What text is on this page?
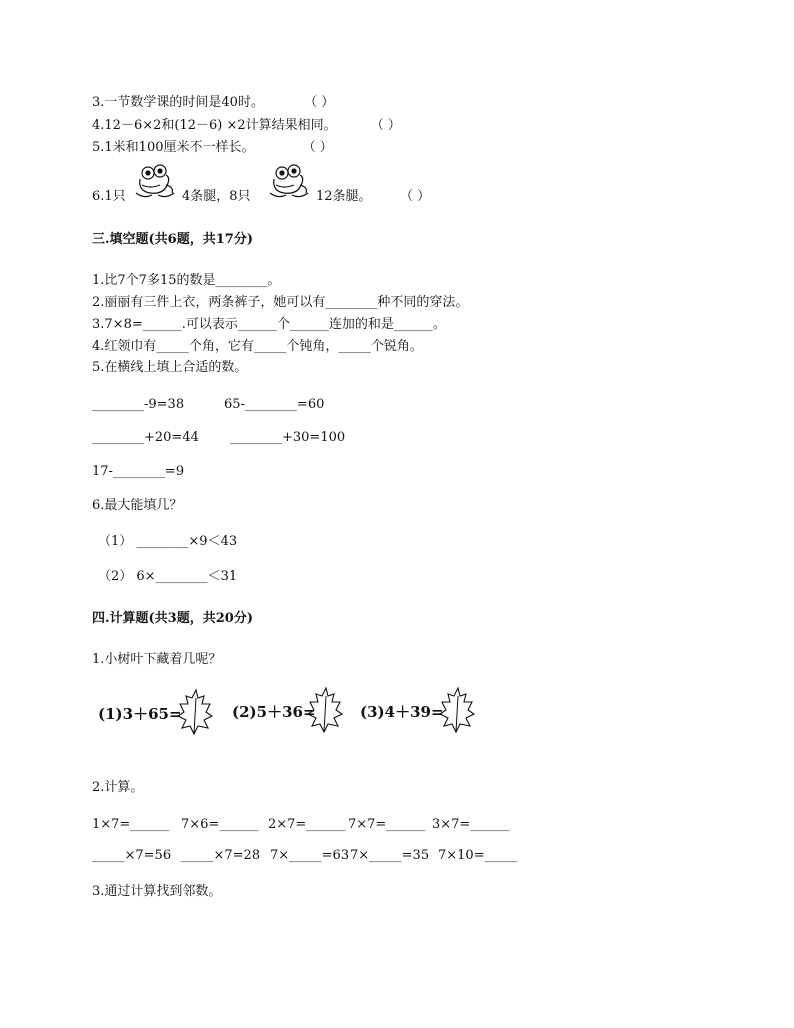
3.一节数学课的时间是40时。	（ ）
4.12－6×2和(12－6) ×2计算结果相同。	（ ）
5.1米和100厘米不一样长。	（ ）
6.1只	4条腿，8只	12条腿。 （ ）
三.填空题(共6题，共17分)
1.比7个7多15的数是________。
2.丽丽有三件上衣，两条裤子，她可以有________种不同的穿法。
3.7×8=______.可以表示______个______连加的和是______。
4.红领巾有_____个角，它有_____个钝角，_____个锐角。
5.在横线上填上合适的数。
________-9=38	65-________=60
________+20=44 ________+30=100
17-________=9
6.最大能填几？
（1） ________×9＜43
（2） 6×________＜31
四.计算题(共3题，共20分)
1.小树叶下藏着几呢？
(1)3＋65=	(2)5＋36=	(3)4＋39=
2.计算。
1×7=______ 7×6=______ 2×7=______ 7×7=______ 3×7=______
_____×7=56 _____×7=28 7×_____=63 7×_____=35 7×10=_____
3.通过计算找到邻数。
